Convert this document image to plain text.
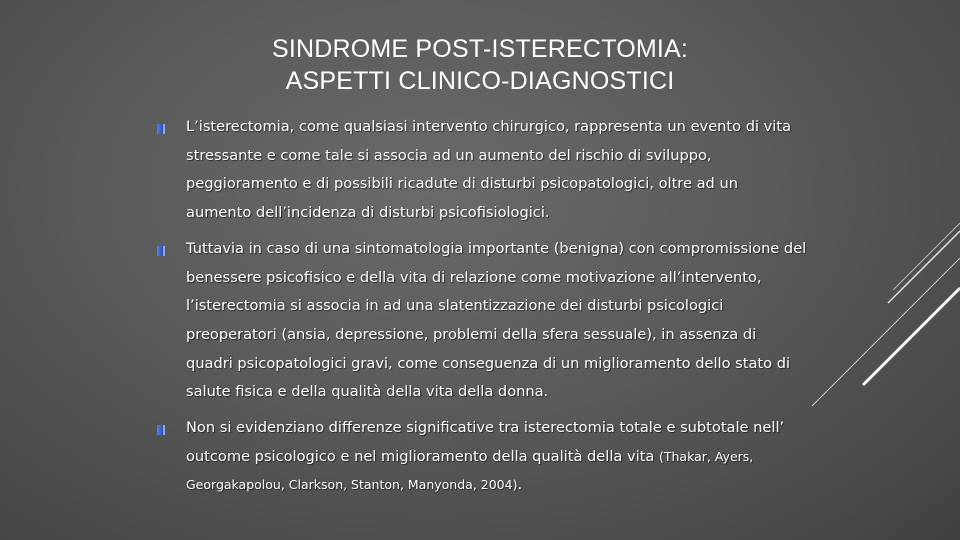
SINDROME POST-ISTERECTOMIA:
ASPETTI CLINICO-DIAGNOSTICI
L’isterectomia, come qualsiasi intervento chirurgico, rappresenta un evento di vita stressante e come tale si associa ad un aumento del rischio di sviluppo, peggioramento e di possibili ricadute di disturbi psicopatologici, oltre ad un aumento dell’incidenza di disturbi psicofisiologici.
Tuttavia in caso di una sintomatologia importante (benigna) con compromissione del benessere psicofisico e della vita di relazione come motivazione all’intervento, l’isterectomia si associa in ad una slatentizzazione dei disturbi psicologici preoperatori (ansia, depressione, problemi della sfera sessuale), in assenza di quadri psicopatologici gravi, come conseguenza di un miglioramento dello stato di salute fisica e della qualità della vita della donna.
Non si evidenziano differenze significative tra isterectomia totale e subtotale nell’ outcome psicologico e nel miglioramento della qualità della vita (Thakar, Ayers, Georgakapolou, Clarkson, Stanton, Manyonda, 2004).
